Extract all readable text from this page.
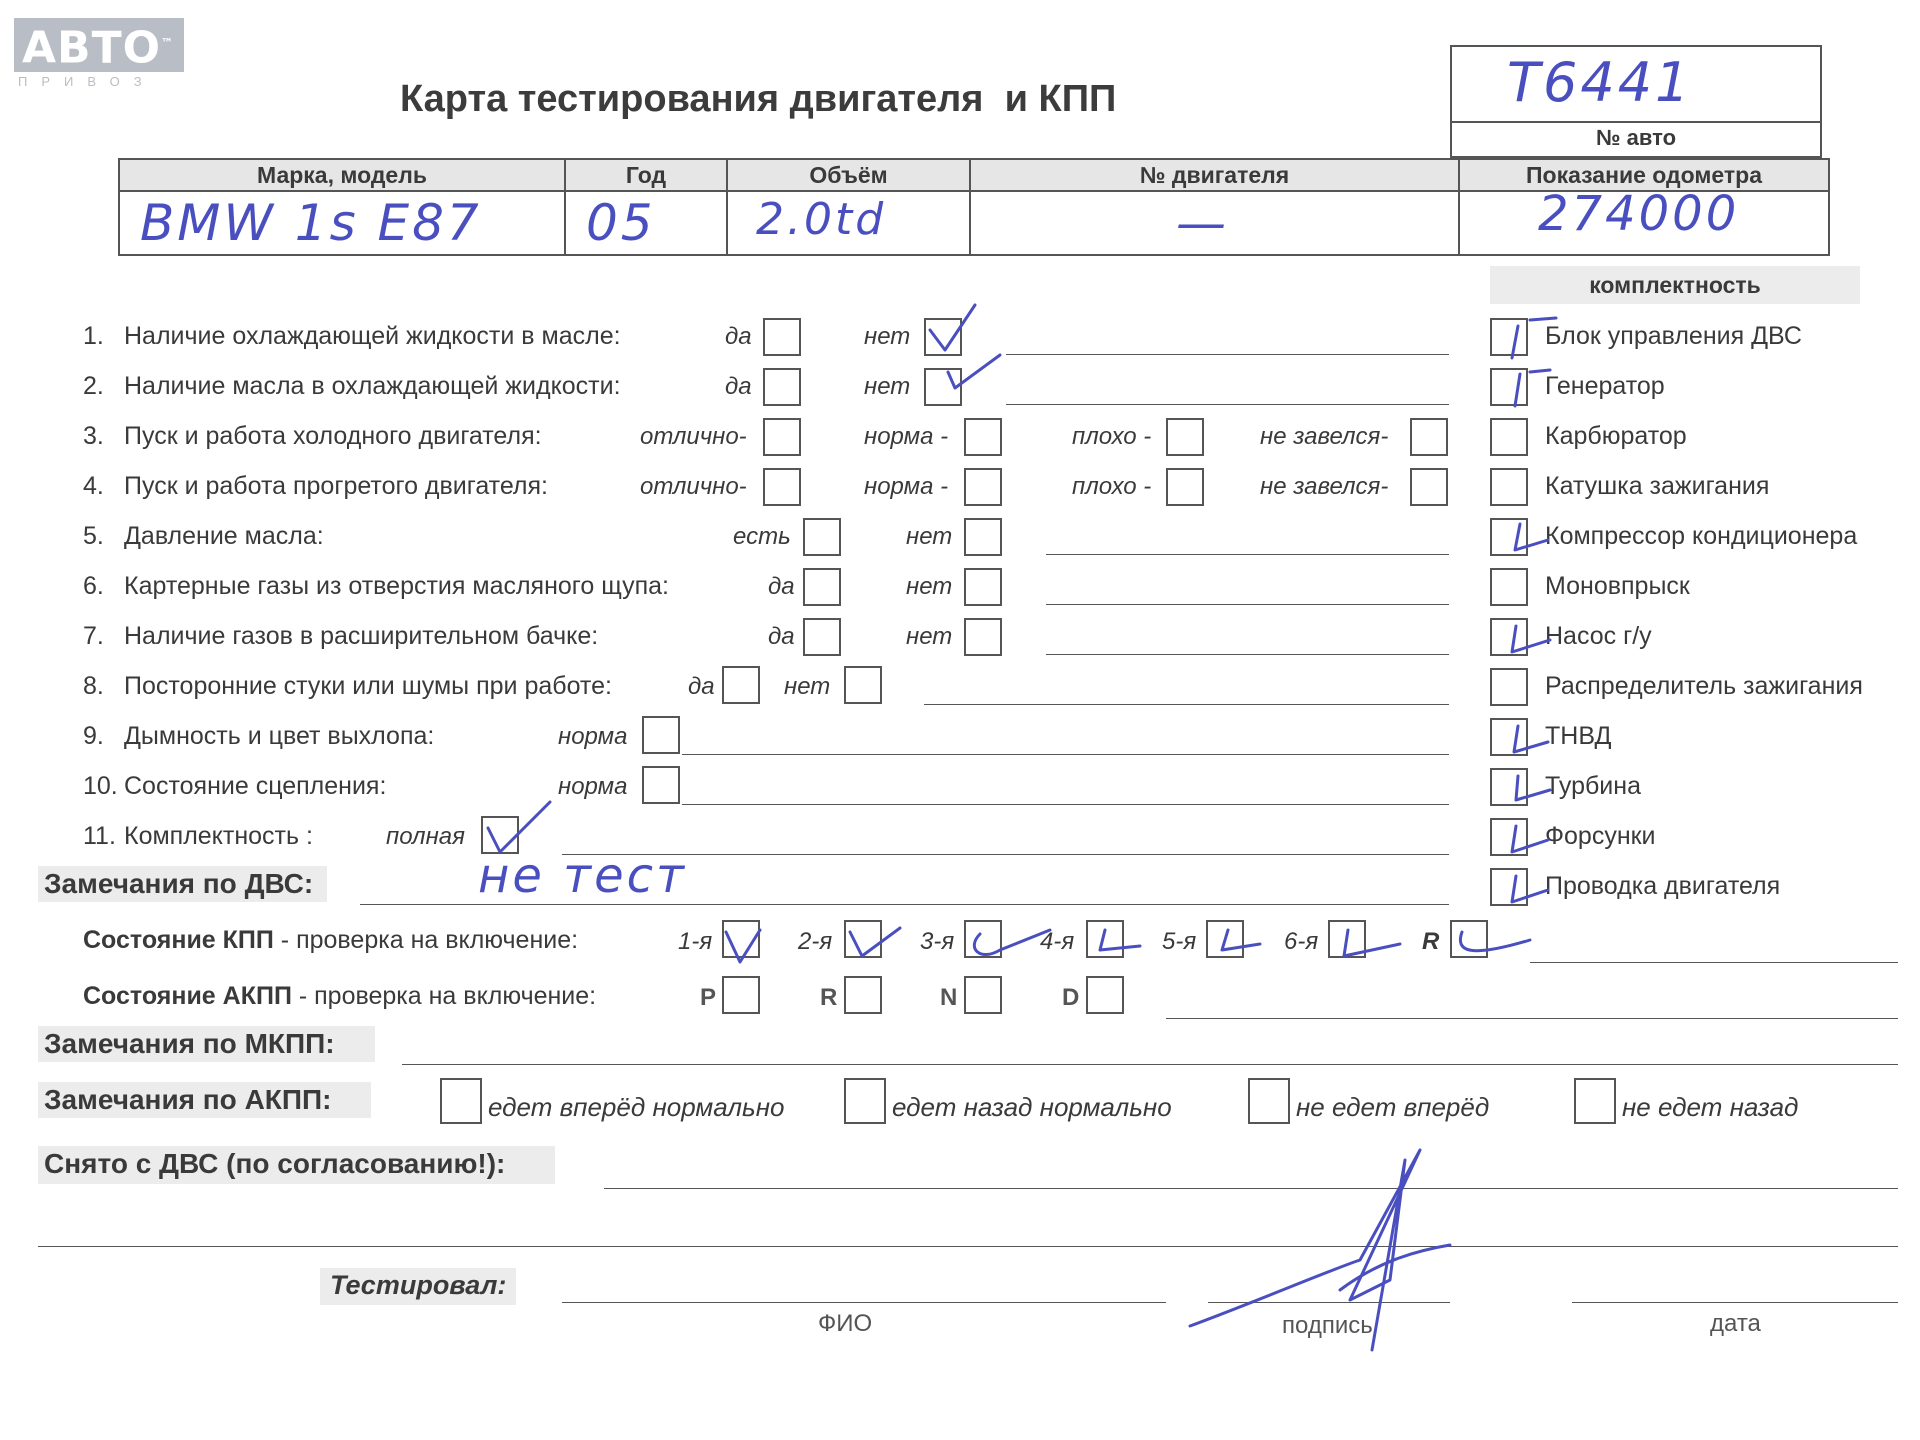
АВТО™
ПРИВОЗ	Карта тестирования двигателя  и КПП	T6441
№ авто
Марка, модель	Год	Объём	№ двигателя	Показание одометра

BMW 1s E87	05	2.0td	—	274000
комплектность
1. Наличие охлаждающей жидкости в масле:	да	нет
2. Наличие масла в охлаждающей жидкости:	да	нет
3. Пуск и работа холодного двигателя:	отлично-	норма -	плохо -	не завелся-
4. Пуск и работа прогретого двигателя:	отлично-	норма -	плохо -	не завелся-
5. Давление масла:	есть	нет
6. Картерные газы из отверстия масляного щупа:	да	нет
7. Наличие газов в расширительном бачке:	да	нет
8. Посторонние стуки или шумы при работе:	да	нет
9. Дымность и цвет выхлопа:	норма
10. Состояние сцепления:	норма
11. Комплектность :	полная
Блок управления ДВС
Генератор
Карбюратор
Катушка зажигания
Компрессор кондиционера
Моновпрыск
Насос г/у
Распределитель зажигания
ТНВД
Турбина
Форсунки
Проводка двигателя
Замечания по ДВС:	не тест
Состояние КПП - проверка на включение:	1-я	2-я	3-я	4-я	5-я	6-я	R
Состояние АКПП - проверка на включение:	P	R	N	D
Замечания по МКПП:
Замечания по АКПП:	едет вперёд нормально	едет назад нормально	не едет вперёд	не едет назад
Снято с ДВС (по согласованию!):
Тестировал:
ФИО	подпись	дата
